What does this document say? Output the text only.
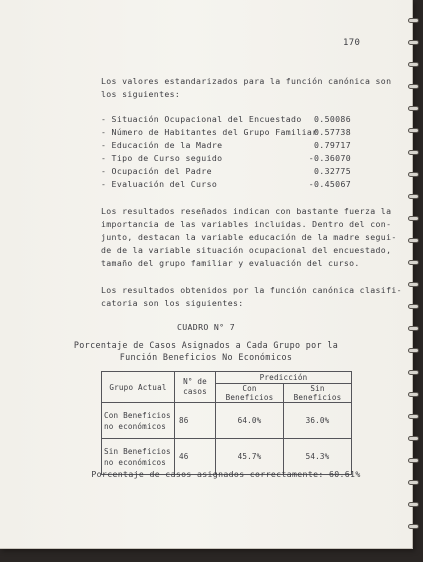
170
Los valores estandarizados para la función canónica son
los siguientes:
- Situación Ocupacional del Encuestado	0.50086
- Número de Habitantes del Grupo Familiar
0.57738
- Educación de la Madre	0.79717
- Tipo de Curso seguido	-0.36070
- Ocupación del Padre	0.32775
- Evaluación del Curso	-0.45067
Los resultados reseñados indican con bastante fuerza la
importancia de las variables incluidas. Dentro del con-
junto, destacan la variable educación de la madre segui-
de de la variable situación ocupacional del encuestado,
tamaño del grupo familiar y evaluación del curso.
Los resultados obtenidos por la función canónica clasifi-
catoria son los siguientes:
CUADRO N° 7
Porcentaje de Casos Asignados a Cada Grupo por la
Función Beneficios No Económicos
Grupo Actual	N° de
casos	Predicción	
		Con Beneficios	Sin Beneficios
Con Beneficios
no económicos	86	64.0%	36.0%
Sin Beneficios
no económicos	46	45.7%	54.3%
Porcentaje de casos asignados correctamente: 60.61%
